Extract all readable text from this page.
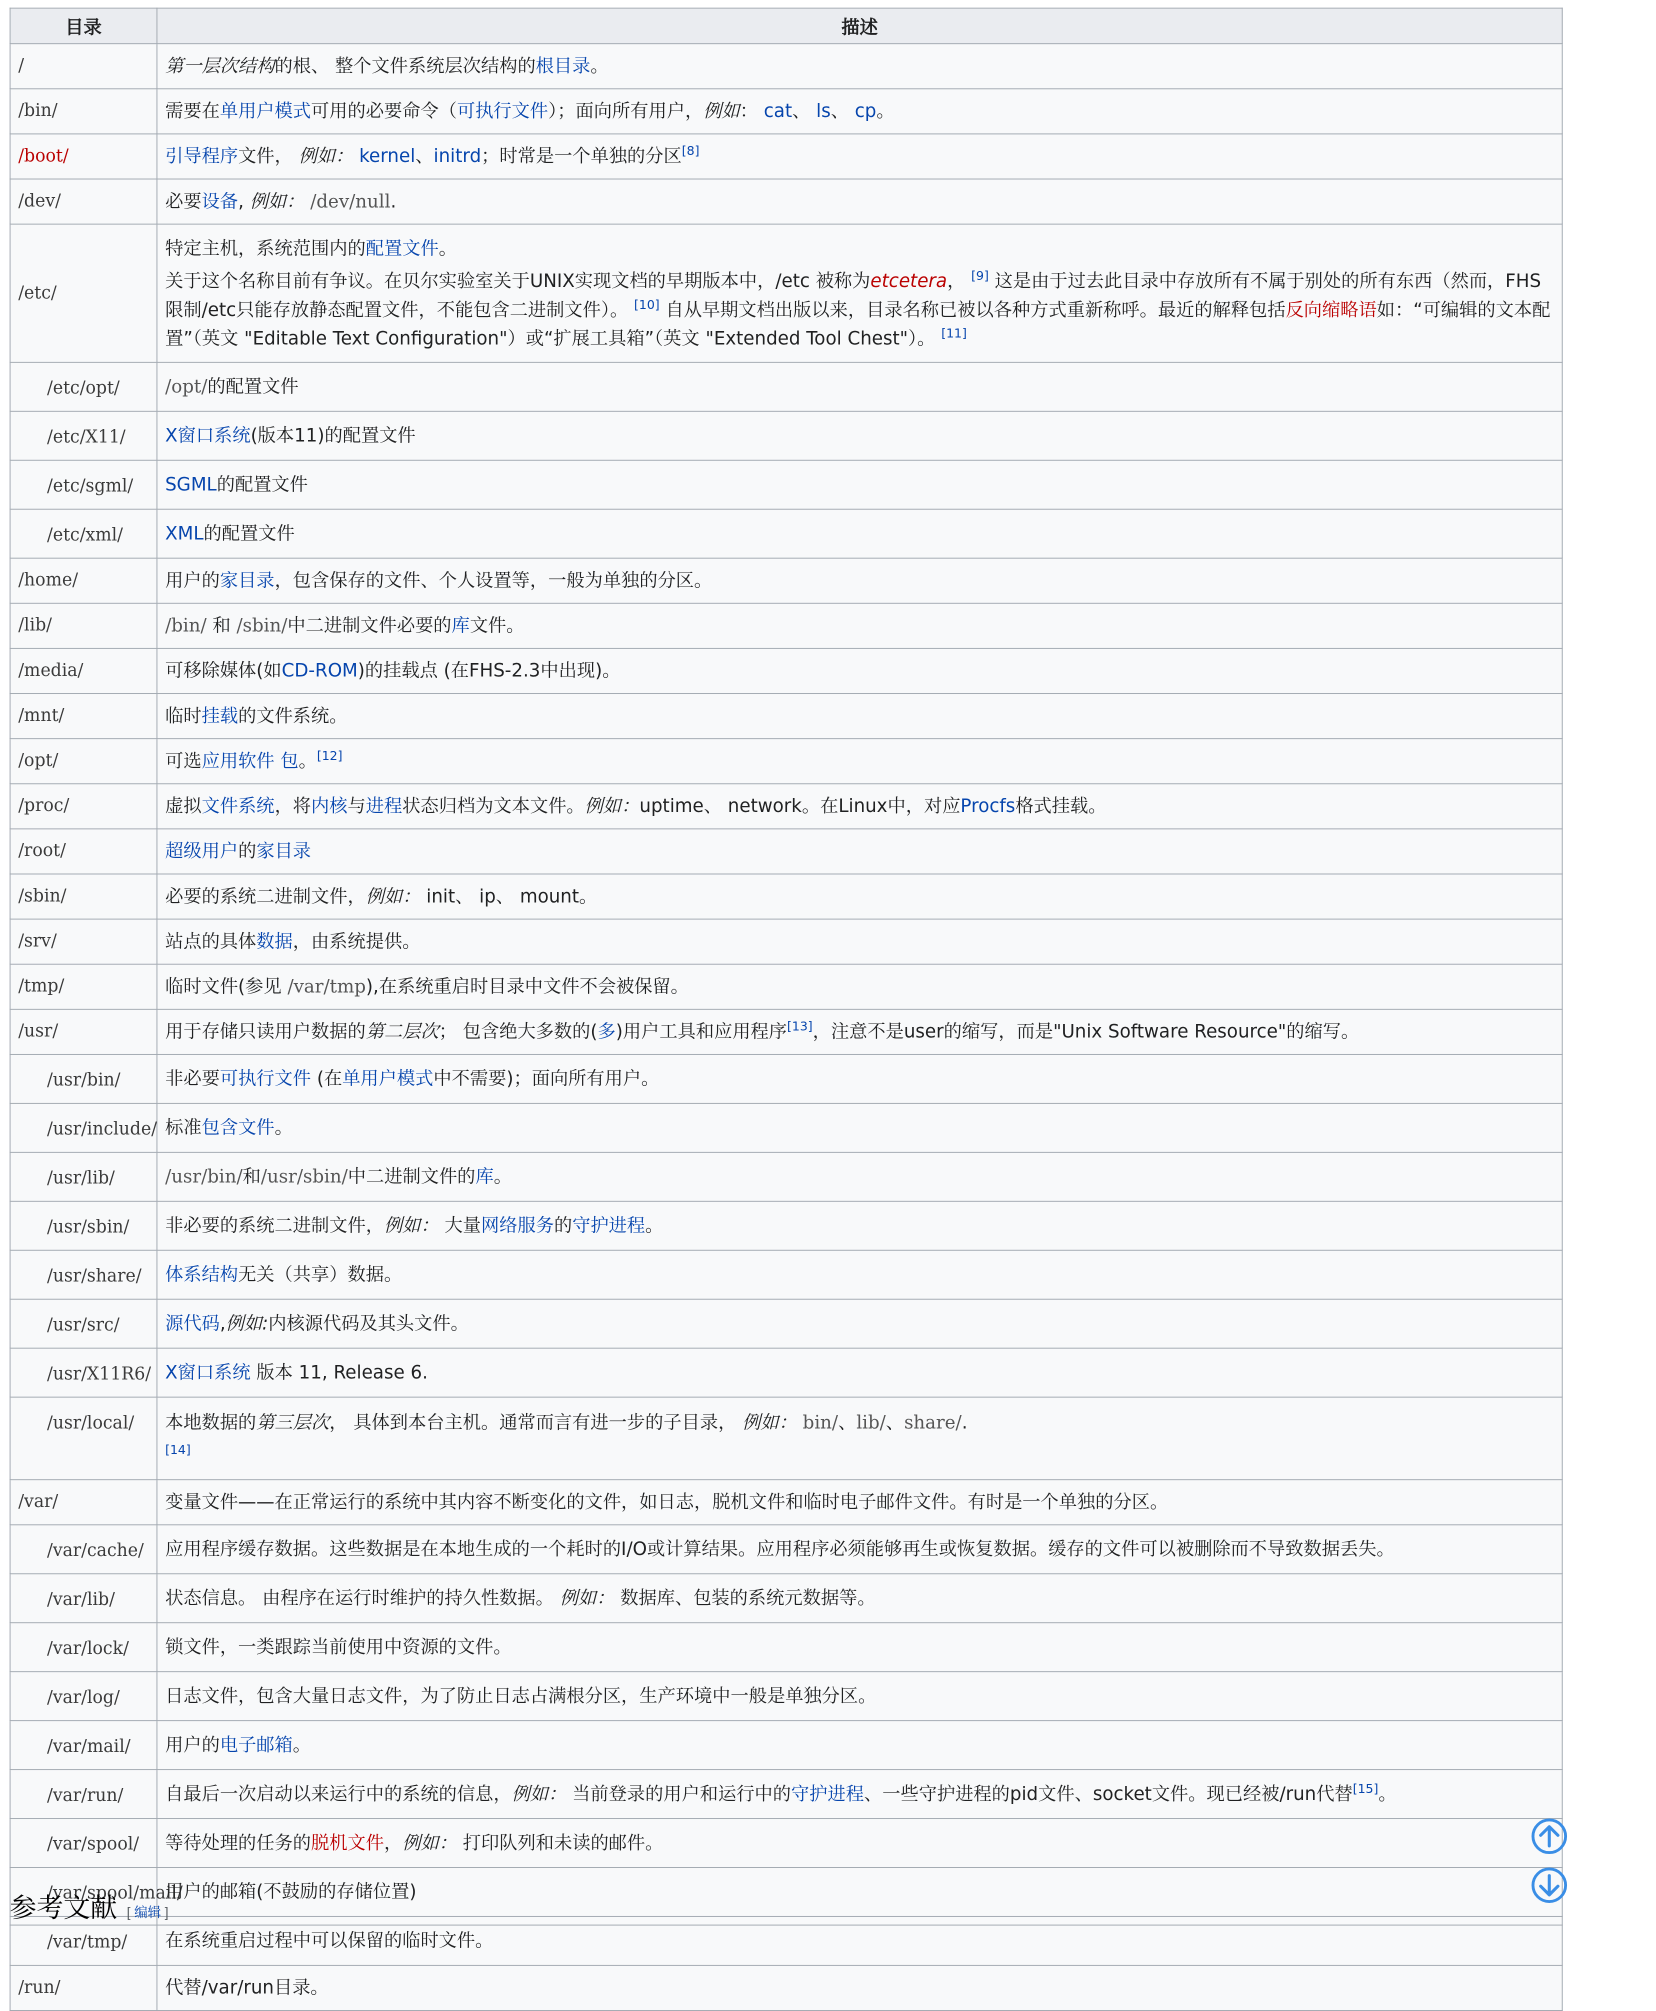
目录	描述
/	第一层次结构的根、 整个文件系统层次结构的根目录。

/bin/	需要在单用户模式可用的必要命令（可执行文件）；面向所有用户，例如： cat、 ls、 cp。

/boot/	引导程序文件， 例如： kernel、initrd；时常是一个单独的分区[8]

/dev/	必要设备, 例如： /dev/null.

/etc/	特定主机，系统范围内的配置文件。
关于这个名称目前有争议。在贝尔实验室关于UNIX实现文档的早期版本中，/etc 被称为etcetera， [9] 这是由于过去此目录中存放所有不属于别处的所有东西（然而，FHS限制/etc只能存放静态配置文件，不能包含二进制文件）。 [10] 自从早期文档出版以来，目录名称已被以各种方式重新称呼。最近的解释包括反向缩略语如：“可编辑的文本配置”（英文 "Editable Text Configuration"）或“扩展工具箱”（英文 "Extended Tool Chest"）。 [11]

/etc/opt/	/opt/的配置文件

/etc/X11/	X窗口系统(版本11)的配置文件

/etc/sgml/	SGML的配置文件

/etc/xml/	XML的配置文件

/home/	用户的家目录，包含保存的文件、个人设置等，一般为单独的分区。

/lib/	/bin/ 和 /sbin/中二进制文件必要的库文件。

/media/	可移除媒体(如CD-ROM)的挂载点 (在FHS-2.3中出现)。

/mnt/	临时挂载的文件系统。

/opt/	可选应用软件 包。[12]

/proc/	虚拟文件系统，将内核与进程状态归档为文本文件。例如：uptime、 network。在Linux中，对应Procfs格式挂载。

/root/	超级用户的家目录

/sbin/	必要的系统二进制文件，例如： init、 ip、 mount。

/srv/	站点的具体数据，由系统提供。

/tmp/	临时文件(参见 /var/tmp),在系统重启时目录中文件不会被保留。

/usr/	用于存储只读用户数据的第二层次； 包含绝大多数的(多)用户工具和应用程序[13]，注意不是user的缩写，而是"Unix Software Resource"的缩写。

/usr/bin/	非必要可执行文件 (在单用户模式中不需要)；面向所有用户。

/usr/include/	标准包含文件。

/usr/lib/	/usr/bin/和/usr/sbin/中二进制文件的库。

/usr/sbin/	非必要的系统二进制文件，例如： 大量网络服务的守护进程。

/usr/share/	体系结构无关（共享）数据。

/usr/src/	源代码,例如:内核源代码及其头文件。

/usr/X11R6/	X窗口系统 版本 11, Release 6.

/usr/local/	本地数据的第三层次， 具体到本台主机。通常而言有进一步的子目录， 例如： bin/、lib/、share/.
[14]

/var/	变量文件——在正常运行的系统中其内容不断变化的文件，如日志，脱机文件和临时电子邮件文件。有时是一个单独的分区。

/var/cache/	应用程序缓存数据。这些数据是在本地生成的一个耗时的I/O或计算结果。应用程序必须能够再生或恢复数据。缓存的文件可以被删除而不导致数据丢失。

/var/lib/	状态信息。 由程序在运行时维护的持久性数据。 例如： 数据库、包装的系统元数据等。

/var/lock/	锁文件，一类跟踪当前使用中资源的文件。

/var/log/	日志文件，包含大量日志文件，为了防止日志占满根分区，生产环境中一般是单独分区。

/var/mail/	用户的电子邮箱。

/var/run/	自最后一次启动以来运行中的系统的信息，例如： 当前登录的用户和运行中的守护进程、一些守护进程的pid文件、socket文件。现已经被/run代替[15]。

/var/spool/	等待处理的任务的脱机文件，例如： 打印队列和未读的邮件。

/var/spool/mail/	用户的邮箱(不鼓励的存储位置)

/var/tmp/	在系统重启过程中可以保留的临时文件。

/run/	代替/var/run目录。
参考文献 [ 编辑 ]
